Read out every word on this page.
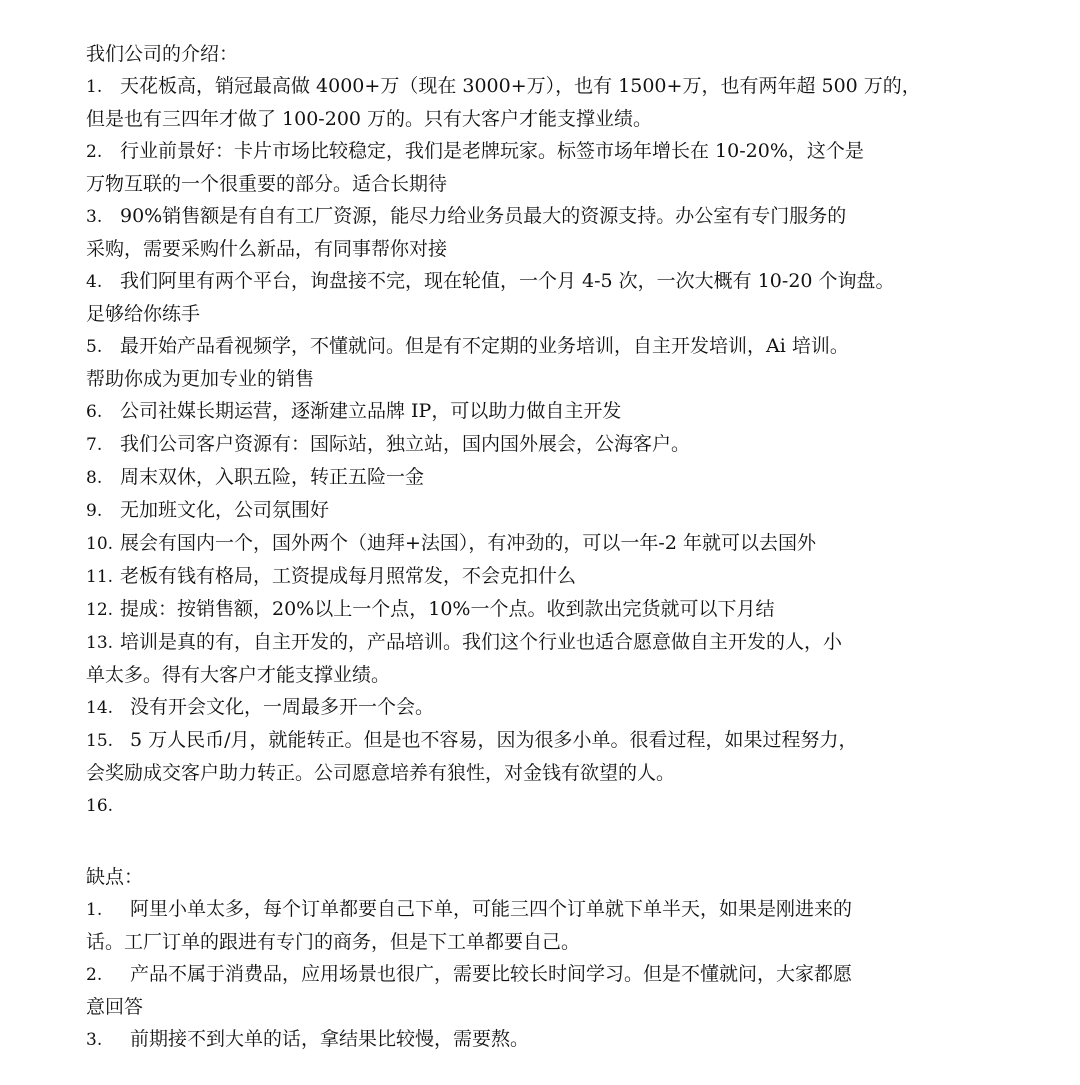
我们公司的介绍：
1. 天花板高，销冠最高做 4000+万（现在 3000+万），也有 1500+万，也有两年超 500 万的，
但是也有三四年才做了 100-200 万的。只有大客户才能支撑业绩。
2. 行业前景好：卡片市场比较稳定，我们是老牌玩家。标签市场年增长在 10-20%，这个是
万物互联的一个很重要的部分。适合长期待
3. 90%销售额是有自有工厂资源，能尽力给业务员最大的资源支持。办公室有专门服务的
采购，需要采购什么新品，有同事帮你对接
4. 我们阿里有两个平台，询盘接不完，现在轮值，一个月 4-5 次，一次大概有 10-20 个询盘。
足够给你练手
5. 最开始产品看视频学，不懂就问。但是有不定期的业务培训，自主开发培训，Ai 培训。
帮助你成为更加专业的销售
6. 公司社媒长期运营，逐渐建立品牌 IP，可以助力做自主开发
7. 我们公司客户资源有：国际站，独立站，国内国外展会，公海客户。
8. 周末双休，入职五险，转正五险一金
9. 无加班文化，公司氛围好
10. 展会有国内一个，国外两个（迪拜+法国），有冲劲的，可以一年-2 年就可以去国外
11. 老板有钱有格局，工资提成每月照常发，不会克扣什么
12. 提成：按销售额，20%以上一个点，10%一个点。收到款出完货就可以下月结
13. 培训是真的有，自主开发的，产品培训。我们这个行业也适合愿意做自主开发的人，小
单太多。得有大客户才能支撑业绩。
14. 没有开会文化，一周最多开一个会。
15. 5 万人民币/月，就能转正。但是也不容易，因为很多小单。很看过程，如果过程努力，
会奖励成交客户助力转正。公司愿意培养有狼性，对金钱有欲望的人。
16.
缺点：
1. 阿里小单太多，每个订单都要自己下单，可能三四个订单就下单半天，如果是刚进来的
话。工厂订单的跟进有专门的商务，但是下工单都要自己。
2. 产品不属于消费品，应用场景也很广，需要比较长时间学习。但是不懂就问，大家都愿
意回答
3. 前期接不到大单的话，拿结果比较慢，需要熬。
